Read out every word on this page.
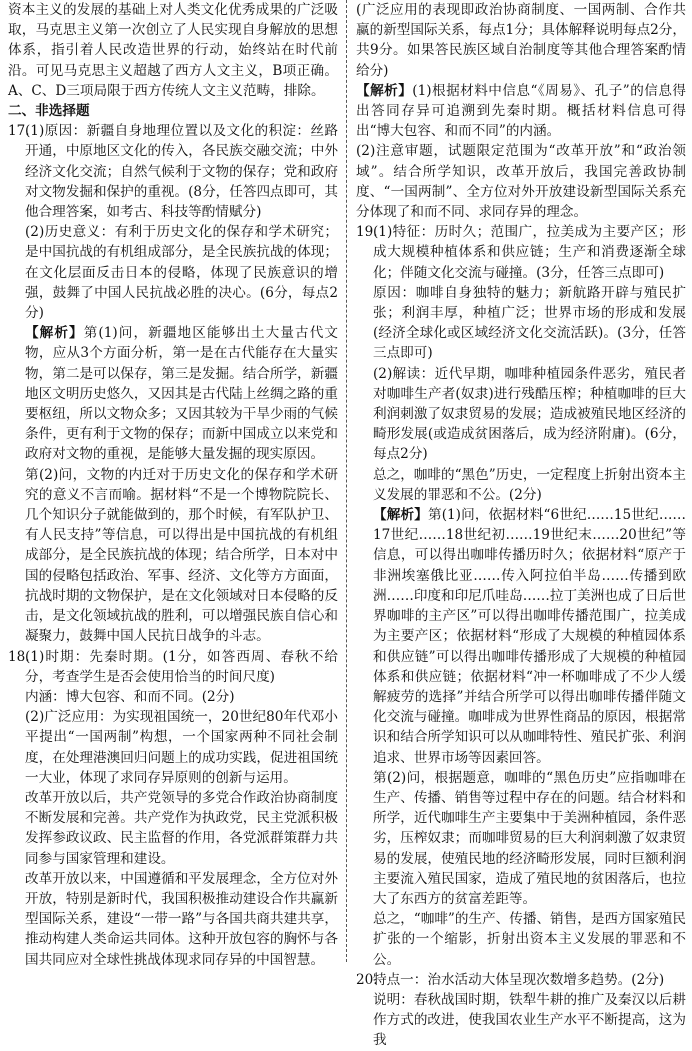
资本主义的发展的基础上对人类文化优秀成果的广泛吸取，马克思主义第一次创立了人民实现自身解放的思想体系，指引着人民改造世界的行动，始终站在时代前沿。可见马克思主义超越了西方人文主义，B项正确。A、C、D三项局限于西方传统人文主义范畴，排除。

二、非选择题

17.(1)原因：新疆自身地理位置以及文化的积淀：丝路开通，中原地区文化的传入，各民族交融交流；中外经济文化交流；自然气候利于文物的保存；党和政府对文物发掘和保护的重视。(8分，任答四点即可，其他合理答案，如考古、科技等酌情赋分)

(2)历史意义：有利于历史文化的保存和学术研究；是中国抗战的有机组成部分，是全民族抗战的体现；在文化层面反击日本的侵略，体现了民族意识的增强，鼓舞了中国人民抗战必胜的决心。(6分，每点2分)

【解析】第(1)问，新疆地区能够出土大量古代文物，应从3个方面分析，第一是在古代能存在大量实物，第二是可以保存，第三是发掘。结合所学，新疆地区文明历史悠久，又因其是古代陆上丝绸之路的重要枢纽，所以文物众多；又因其较为干旱少雨的气候条件，更有利于文物的保存；而新中国成立以来党和政府对文物的重视，是能够大量发掘的现实原因。

第(2)问，文物的内迁对于历史文化的保存和学术研究的意义不言而喻。据材料“不是一个博物院院长、几个知识分子就能做到的，那个时候，有军队护卫、有人民支持”等信息，可以得出是中国抗战的有机组成部分，是全民族抗战的体现；结合所学，日本对中国的侵略包括政治、军事、经济、文化等方方面面，抗战时期的文物保护，是在文化领域对日本侵略的反击，是文化领域抗战的胜利，可以增强民族自信心和凝聚力，鼓舞中国人民抗日战争的斗志。

18.(1)时期：先秦时期。(1分，如答西周、春秋不给分，考查学生是否会使用恰当的时间尺度)

内涵：博大包容、和而不同。(2分)

(2)广泛应用：为实现祖国统一，20世纪80年代邓小平提出“一国两制”构想，一个国家两种不同社会制度，在处理港澳回归问题上的成功实践，促进祖国统一大业，体现了求同存异原则的创新与运用。

改革开放以后，共产党领导的多党合作政治协商制度不断发展和完善。共产党作为执政党，民主党派积极发挥参政议政、民主监督的作用，各党派群策群力共同参与国家管理和建设。

改革开放以来，中国遵循和平发展理念，全方位对外开放，特别是新时代，我国积极推动建设合作共赢新型国际关系，建设“一带一路”与各国共商共建共享，推动构建人类命运共同体。这种开放包容的胸怀与各国共同应对全球性挑战体现求同存异的中国智慧。

(广泛应用的表现即政治协商制度、一国两制、合作共赢的新型国际关系，每点1分；具体解释说明每点2分，共9分。如果答民族区域自治制度等其他合理答案酌情给分)

【解析】(1)根据材料中信息“《周易》、孔子”的信息得出答同存异可追溯到先秦时期。概括材料信息可得出“博大包容、和而不同”的内涵。

(2)注意审题，试题限定范围为“改革开放”和“政治领域”。结合所学知识，改革开放后，我国完善政协制度、“一国两制”、全方位对外开放建设新型国际关系充分体现了和而不同、求同存异的理念。

19.(1)特征：历时久；范围广，拉美成为主要产区；形成大规模种植体系和供应链；生产和消费逐渐全球化；伴随文化交流与碰撞。(3分，任答三点即可)

原因：咖啡自身独特的魅力；新航路开辟与殖民扩张；利润丰厚，种植广泛；世界市场的形成和发展(经济全球化或区域经济文化交流活跃)。(3分，任答三点即可)

(2)解读：近代早期，咖啡种植园条件恶劣，殖民者对咖啡生产者(奴隶)进行残酷压榨；种植咖啡的巨大利润刺激了奴隶贸易的发展；造成被殖民地区经济的畸形发展(或造成贫困落后，成为经济附庸)。(6分，每点2分)

总之，咖啡的“黑色”历史，一定程度上折射出资本主义发展的罪恶和不公。(2分)

【解析】第(1)问，依据材料“6世纪……15世纪……17世纪……18世纪初……19世纪末……20世纪”等信息，可以得出咖啡传播历时久；依据材料“原产于非洲埃塞俄比亚……传入阿拉伯半岛……传播到欧洲……印度和印尼爪哇岛……拉丁美洲也成了日后世界咖啡的主产区”可以得出咖啡传播范围广，拉美成为主要产区；依据材料“形成了大规模的种植园体系和供应链”可以得出咖啡传播形成了大规模的种植园体系和供应链；依据材料“冲一杯咖啡成了不少人缓解疲劳的选择”并结合所学可以得出咖啡传播伴随文化交流与碰撞。咖啡成为世界性商品的原因，根据常识和结合所学知识可以从咖啡特性、殖民扩张、利润追求、世界市场等因素回答。

第(2)问，根据题意，咖啡的“黑色历史”应指咖啡在生产、传播、销售等过程中存在的问题。结合材料和所学，近代咖啡生产主要集中于美洲种植园，条件恶劣，压榨奴隶；而咖啡贸易的巨大利润刺激了奴隶贸易的发展，使殖民地的经济畸形发展，同时巨额利润主要流入殖民国家，造成了殖民地的贫困落后，也拉大了东西方的贫富差距等。

总之，“咖啡”的生产、传播、销售，是西方国家殖民扩张的一个缩影，折射出资本主义发展的罪恶和不公。

20.特点一：治水活动大体呈现次数增多趋势。(2分)

说明：春秋战国时期，铁犁牛耕的推广及秦汉以后耕作方式的改进，使我国农业生产水平不断提高，这为我
